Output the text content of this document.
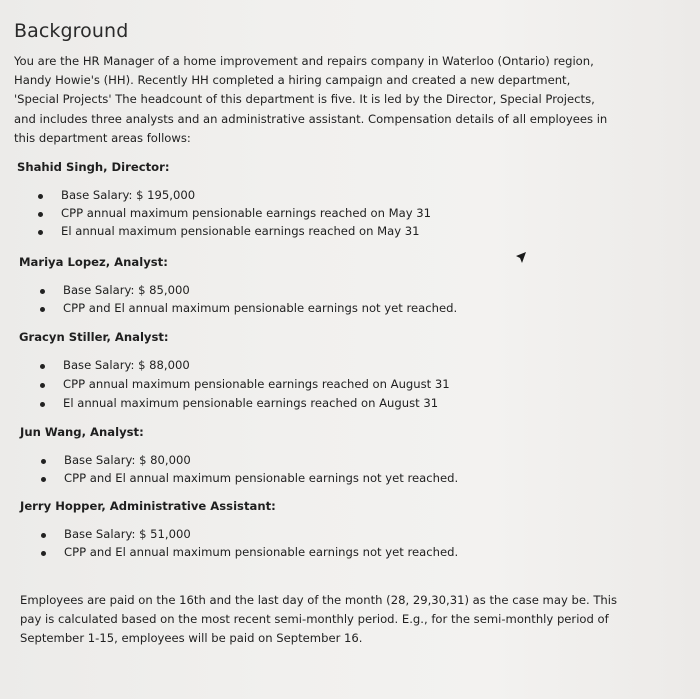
Background
You are the HR Manager of a home improvement and repairs company in Waterloo (Ontario) region,
Handy Howie's (HH). Recently HH completed a hiring campaign and created a new department,
'Special Projects' The headcount of this department is five. It is led by the Director, Special Projects,
and includes three analysts and an administrative assistant. Compensation details of all employees in
this department areas follows:
Shahid Singh, Director:
Base Salary: $ 195,000
CPP annual maximum pensionable earnings reached on May 31
El annual maximum pensionable earnings reached on May 31
Mariya Lopez, Analyst:
Base Salary: $ 85,000
CPP and El annual maximum pensionable earnings not yet reached.
Gracyn Stiller, Analyst:
Base Salary: $ 88,000
CPP annual maximum pensionable earnings reached on August 31
El annual maximum pensionable earnings reached on August 31
Jun Wang, Analyst:
Base Salary: $ 80,000
CPP and El annual maximum pensionable earnings not yet reached.
Jerry Hopper, Administrative Assistant:
Base Salary: $ 51,000
CPP and El annual maximum pensionable earnings not yet reached.
Employees are paid on the 16th and the last day of the month (28, 29,30,31) as the case may be. This
pay is calculated based on the most recent semi-monthly period. E.g., for the semi-monthly period of
September 1-15, employees will be paid on September 16.
